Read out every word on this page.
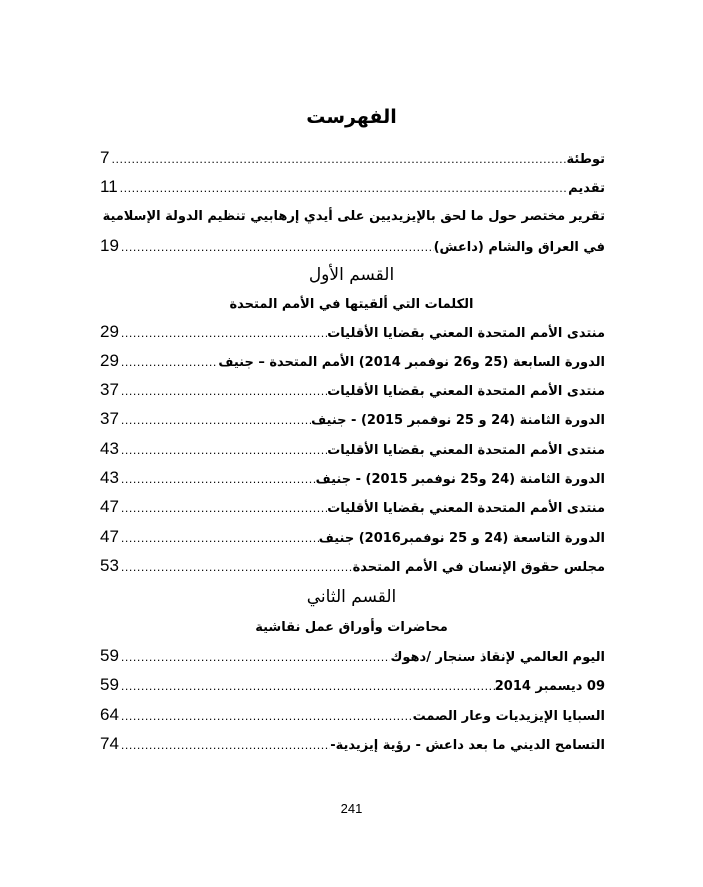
الفهرست
توطئة
.....
7
تقديم
.....
11
تقرير مختصر حول ما لحق بالإيزيديين على أيدي إرهابيي تنظيم الدولة الإسلامية
في العراق والشام (داعش)
.....
19
القسم الأول
الكلمات التي ألقيتها في الأمم المتحدة
منتدى الأمم المتحدة المعني بقضايا الأقليات
.....
29
الدورة السابعة (25 و26 نوفمبر 2014) الأمم المتحدة – جنيف
.....
29
منتدى الأمم المتحدة المعني بقضايا الأقليات
.....
37
الدورة الثامنة (24 و 25 نوفمبر 2015) - جنيف
.....
37
منتدى الأمم المتحدة المعني بقضايا الأقليات
.....
43
الدورة الثامنة (24 و25 نوفمبر 2015) - جنيف
.....
43
منتدى الأمم المتحدة المعني بقضايا الأقليات
.....
47
الدورة التاسعة (24 و 25 نوفمبر2016) جنيف
.....
47
مجلس حقوق الإنسان في الأمم المتحدة
.....
53
القسم الثاني
محاضرات وأوراق عمل نقاشية
اليوم العالمي لإنقاذ سنجار /دهوك
.....
59
09 ديسمبر 2014
.....
59
السبايا الإيزيديات وعار الصمت
.....
64
التسامح الديني ما بعد داعش - رؤية إيزيدية-
.....
74
241
